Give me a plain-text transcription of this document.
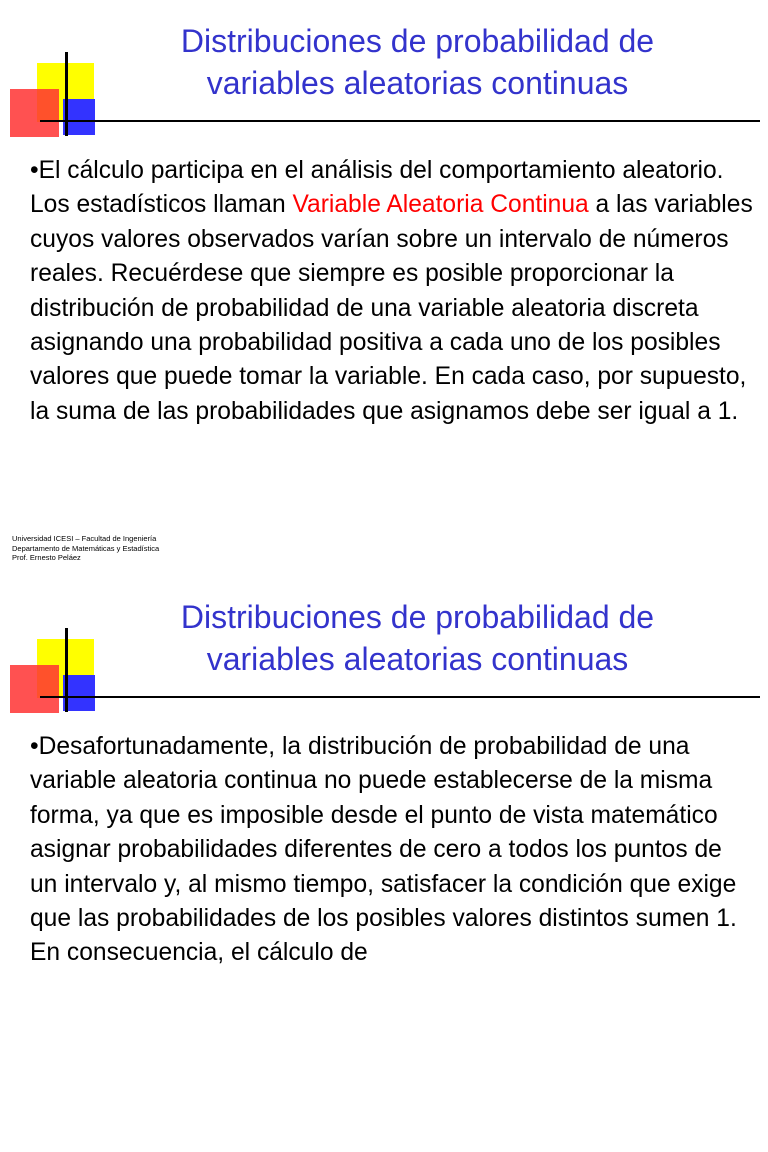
Distribuciones de probabilidad de
variables aleatorias continuas
•El cálculo participa en el análisis del comportamiento aleatorio. Los estadísticos llaman Variable Aleatoria Continua a las variables cuyos valores observados varían sobre un intervalo de números reales. Recuérdese que siempre es posible proporcionar la distribución de probabilidad de una variable aleatoria discreta asignando una probabilidad positiva a cada uno de los posibles valores que puede tomar la variable. En cada caso, por supuesto, la suma de las probabilidades que asignamos debe ser igual a 1.
Universidad ICESI – Facultad de Ingeniería
Departamento de Matemáticas y Estadística
Prof. Ernesto Peláez
Distribuciones de probabilidad de
variables aleatorias continuas
•Desafortunadamente, la distribución de probabilidad de una variable aleatoria continua no puede establecerse de la misma forma, ya que es imposible desde el punto de vista matemático asignar probabilidades diferentes de cero a todos los puntos de un intervalo y, al mismo tiempo, satisfacer la condición que exige que las probabilidades de los posibles valores distintos sumen 1. En consecuencia, el cálculo de
